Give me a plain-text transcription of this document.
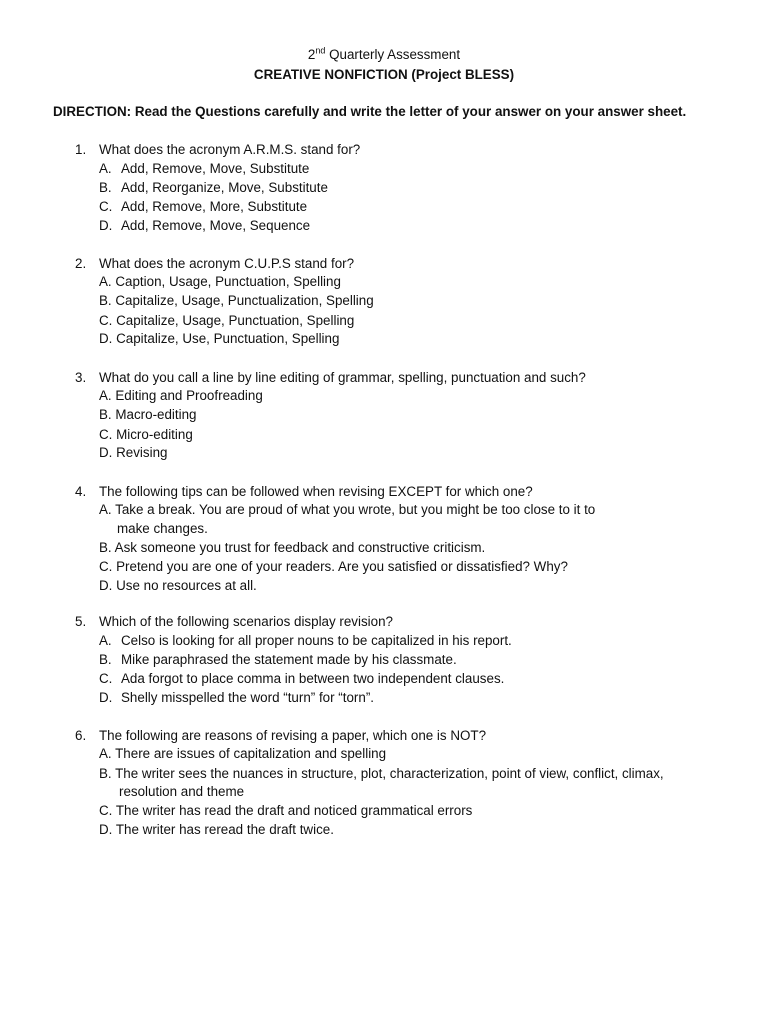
2nd Quarterly Assessment
CREATIVE NONFICTION (Project BLESS)
DIRECTION: Read the Questions carefully and write the letter of your answer on your answer sheet.
1. What does the acronym A.R.M.S. stand for?
A. Add, Remove, Move, Substitute
B. Add, Reorganize, Move, Substitute
C. Add, Remove, More, Substitute
D. Add, Remove, Move, Sequence
2. What does the acronym C.U.P.S stand for?
A. Caption, Usage, Punctuation, Spelling
B. Capitalize, Usage, Punctualization, Spelling
C. Capitalize, Usage, Punctuation, Spelling
D. Capitalize, Use, Punctuation, Spelling
3. What do you call a line by line editing of grammar, spelling, punctuation and such?
A. Editing and Proofreading
B. Macro-editing
C. Micro-editing
D. Revising
4. The following tips can be followed when revising EXCEPT for which one?
A. Take a break. You are proud of what you wrote, but you might be too close to it to
make changes.
B. Ask someone you trust for feedback and constructive criticism.
C. Pretend you are one of your readers. Are you satisfied or dissatisfied? Why?
D. Use no resources at all.
5. Which of the following scenarios display revision?
A. Celso is looking for all proper nouns to be capitalized in his report.
B. Mike paraphrased the statement made by his classmate.
C. Ada forgot to place comma in between two independent clauses.
D. Shelly misspelled the word “turn” for “torn”.
6. The following are reasons of revising a paper, which one is NOT?
A. There are issues of capitalization and spelling
B. The writer sees the nuances in structure, plot, characterization, point of view, conflict, climax,
resolution and theme
C. The writer has read the draft and noticed grammatical errors
D. The writer has reread the draft twice.
